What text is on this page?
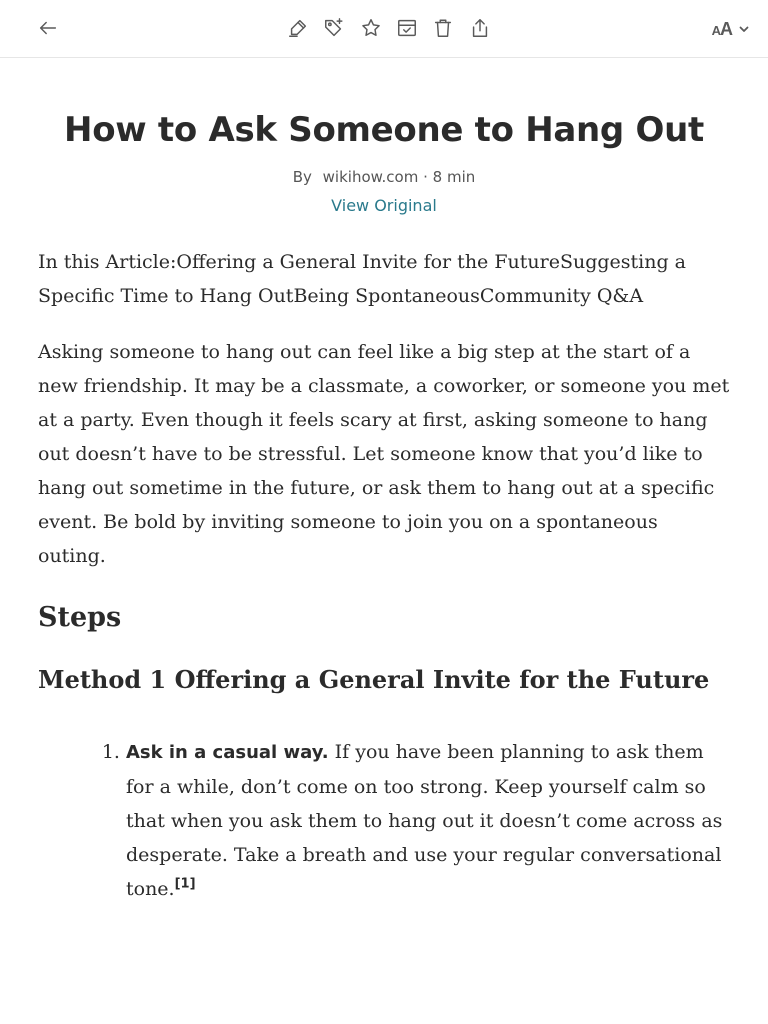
AA
How to Ask Someone to Hang Out
By wikihow.com · 8 min
View Original

In this Article:Offering a General Invite for the FutureSuggesting a Specific Time to Hang OutBeing SpontaneousCommunity Q&A

Asking someone to hang out can feel like a big step at the start of a new friendship. It may be a classmate, a coworker, or someone you met at a party. Even though it feels scary at first, asking someone to hang out doesn’t have to be stressful. Let someone know that you’d like to hang out sometime in the future, or ask them to hang out at a specific event. Be bold by inviting someone to join you on a spontaneous outing.

Steps
Method 1 Offering a General Invite for the Future
1. Ask in a casual way. If you have been planning to ask them for a while, don’t come on too strong. Keep yourself calm so that when you ask them to hang out it doesn’t come across as desperate. Take a breath and use your regular conversational tone.[1]
